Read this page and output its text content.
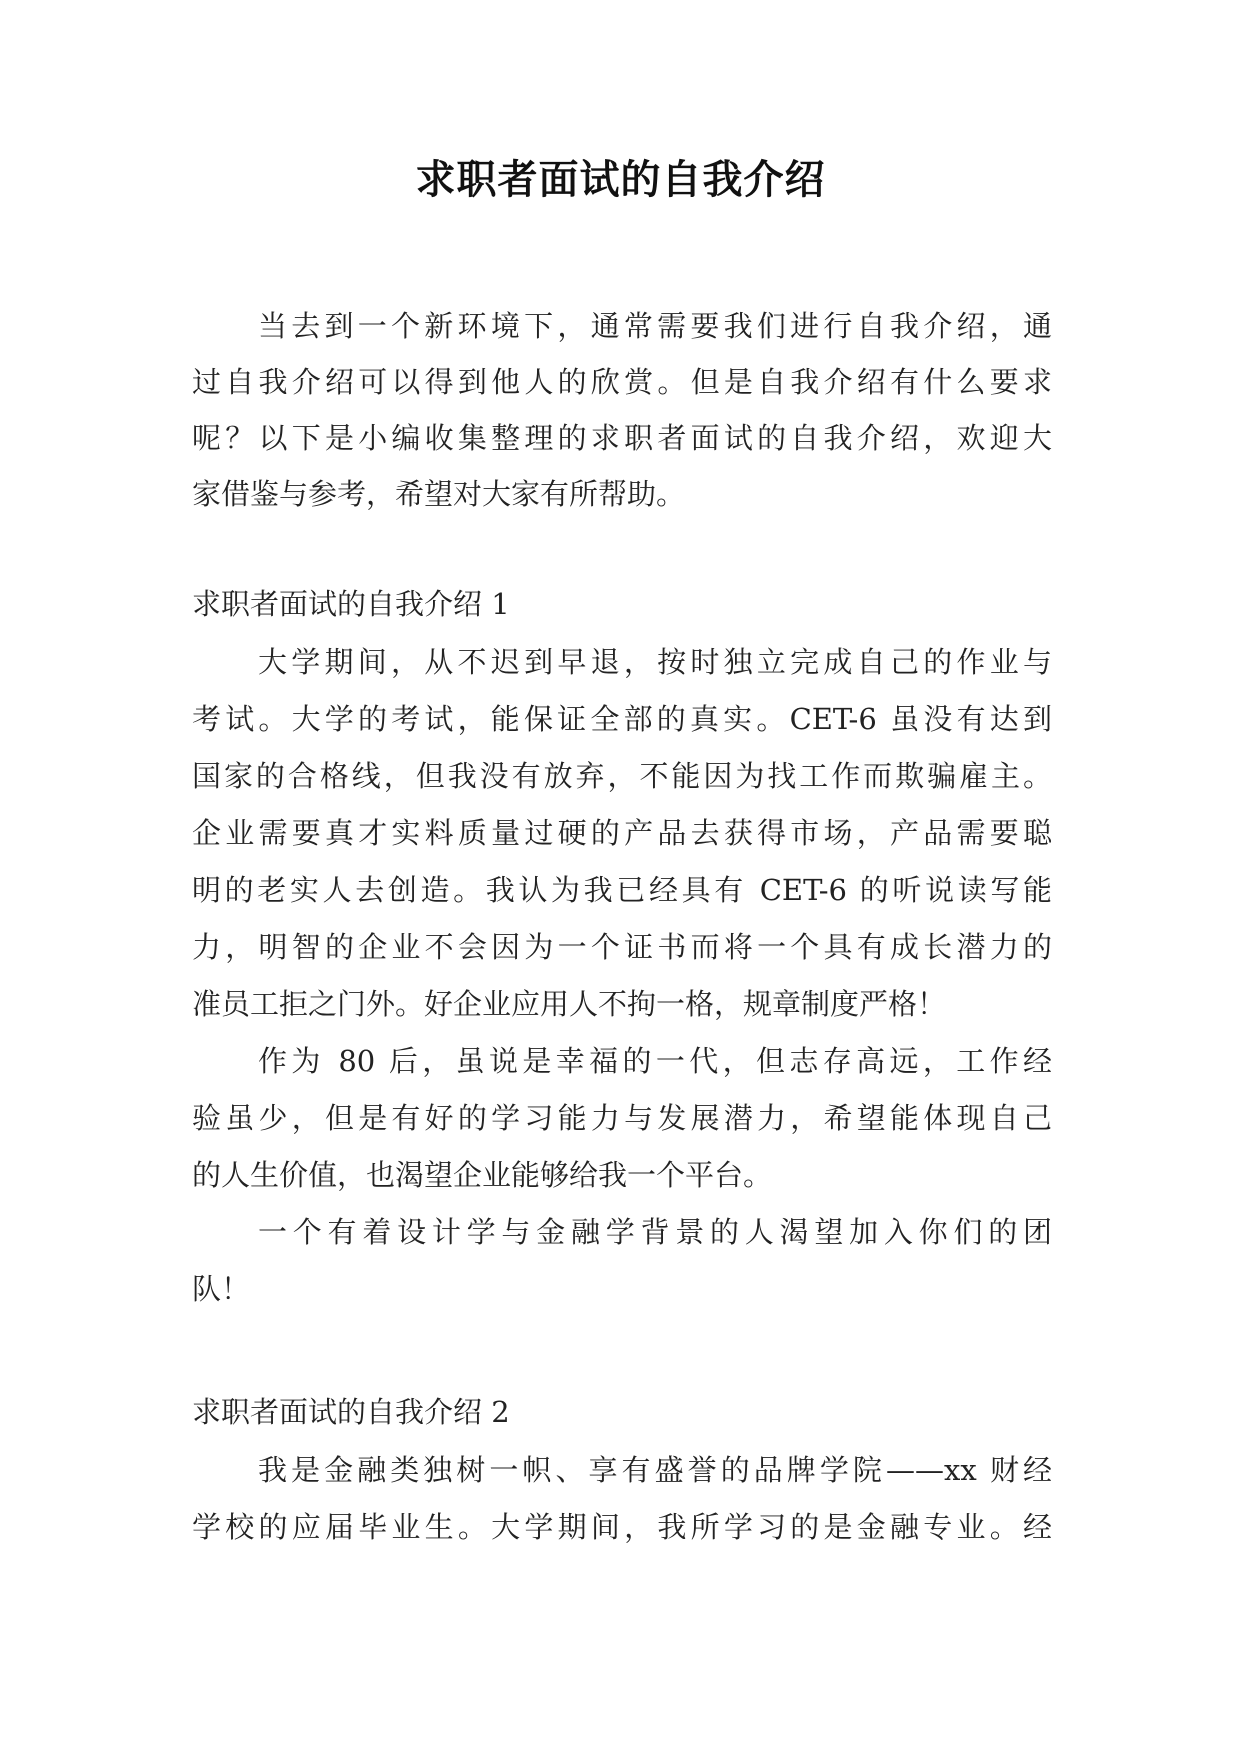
求职者面试的自我介绍
当去到一个新环境下，通常需要我们进行自我介绍，通
过自我介绍可以得到他人的欣赏。但是自我介绍有什么要求
呢？以下是小编收集整理的求职者面试的自我介绍，欢迎大
家借鉴与参考，希望对大家有所帮助。
求职者面试的自我介绍 1
大学期间，从不迟到早退，按时独立完成自己的作业与
考试。大学的考试，能保证全部的真实。CET-6 虽没有达到
国家的合格线，但我没有放弃，不能因为找工作而欺骗雇主。
企业需要真才实料质量过硬的产品去获得市场，产品需要聪
明的老实人去创造。我认为我已经具有 CET-6 的听说读写能
力，明智的企业不会因为一个证书而将一个具有成长潜力的
准员工拒之门外。好企业应用人不拘一格，规章制度严格！
作为 80 后，虽说是幸福的一代，但志存高远，工作经
验虽少，但是有好的学习能力与发展潜力，希望能体现自己
的人生价值，也渴望企业能够给我一个平台。
一个有着设计学与金融学背景的人渴望加入你们的团
队！
求职者面试的自我介绍 2
我是金融类独树一帜、享有盛誉的品牌学院——xx 财经
学校的应届毕业生。大学期间，我所学习的是金融专业。经
